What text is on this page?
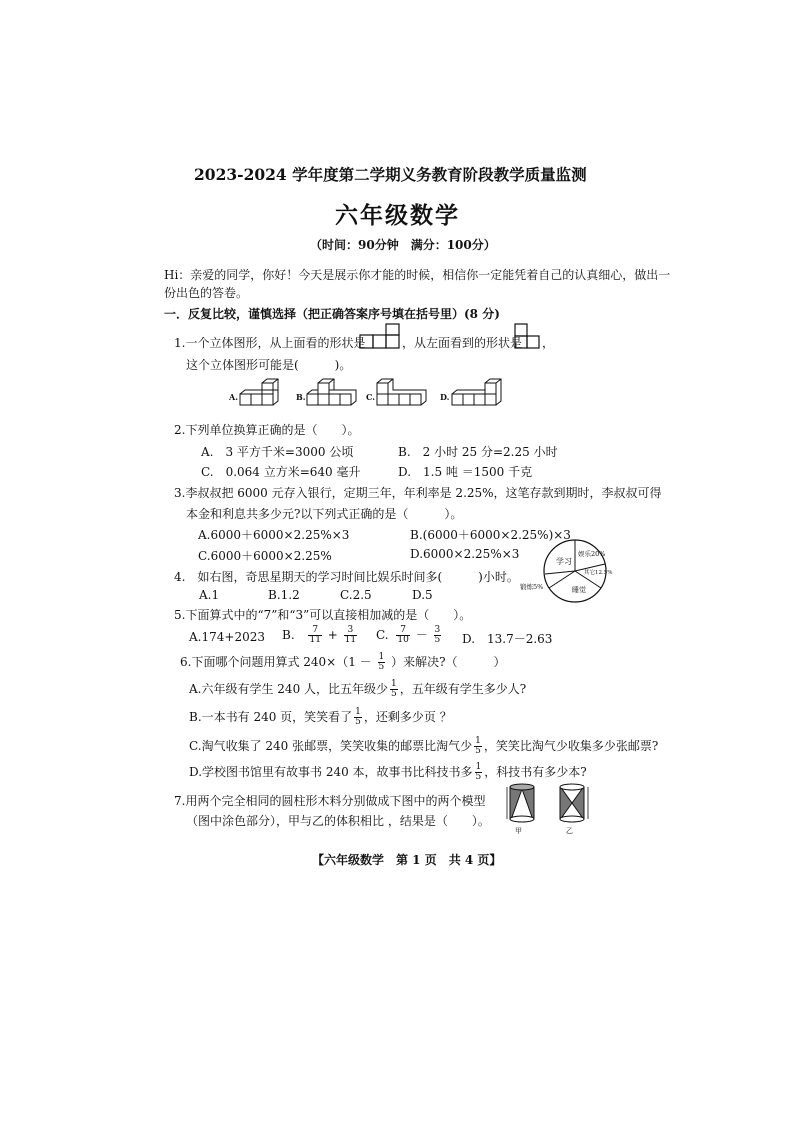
2023-2024 学年度第二学期义务教育阶段教学质量监测
六年级数学
（时间：90分钟　满分：100分）
Hi：亲爱的同学，你好！今天是展示你才能的时候，相信你一定能凭着自己的认真细心，做出一
份出色的答卷。
一．反复比较，谨慎选择（把正确答案序号填在括号里）(8 分)
1.一个立体图形，从上面看的形状是	，从左面看到的形状是 ，
这个立体图形可能是(　　　)。
A.	B.	C.	D.
2.下列单位换算正确的是（　　）。
A.　3 平方千米=3000 公顷	B.　2 小时 25 分=2.25 小时
C.　0.064 立方米=640 毫升	D.　1.5 吨 ＝1500 千克
3.李叔叔把 6000 元存入银行，定期三年，年利率是 2.25%，这笔存款到期时，李叔叔可得
本金和利息共多少元?以下列式正确的是（　　　）。
A.6000＋6000×2.25%×3	B.(6000＋6000×2.25%)×3
C.6000＋6000×2.25%	D.6000×2.25%×3
4.　如右图，奇思星期天的学习时间比娱乐时间多(　　　)小时。
A.1	B.1.2	C.2.5	D.5
学习
娱乐20%
其它12.5%
锻炼5%	睡觉
5.下面算式中的“7”和“3”可以直接相加减的是（　　）。
A.174+2023 B. $\frac{7}{11} + \frac{3}{11} C$. $\frac{7}{10} - \frac{3}{5} D$.　13.7－2.63
6.下面哪个问题用算式 $240\times(1 - \frac{1}{5}$ ）来解决?（　　　）
A.六年级有学生 240 人，比五年级少 $\frac{1}{5}$ ，五年级有学生多少人?
B.一本书有 240 页，笑笑看了 $\frac{1}{5}$ ，还剩多少页 ？
C.淘气收集了 240 张邮票，笑笑收集的邮票比淘气少 $\frac{1}{5}$ ，笑笑比淘气少收集多少张邮票?
D.学校图书馆里有故事书 240 本，故事书比科技书多 $\frac{1}{5}$ ，科技书有多少本?
7.用两个完全相同的圆柱形木料分别做成下图中的两个模型
（图中涂色部分），甲与乙的体积相比 ，结果是（　　）。
甲	乙
【六年级数学　第 1 页　共 4 页】
